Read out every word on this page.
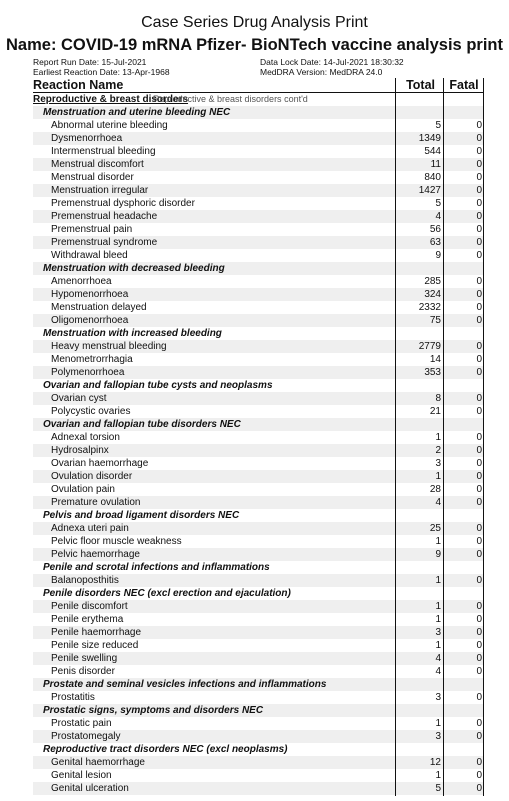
Case Series Drug Analysis Print
Name: COVID-19 mRNA Pfizer- BioNTech vaccine analysis print
Report Run Date: 15-Jul-2021
Earliest Reaction Date: 13-Apr-1968
Data Lock Date: 14-Jul-2021 18:30:32
MedDRA Version: MedDRA 24.0
Reaction Name	Total	Fatal
Reproductive & breast disorders
Reproductive & breast disorders cont'd
Menstruation and uterine bleeding NEC
Abnormal uterine bleeding	5	0
Dysmenorrhoea	1349	0
Intermenstrual bleeding	544	0
Menstrual discomfort	11	0
Menstrual disorder	840	0
Menstruation irregular	1427	0
Premenstrual dysphoric disorder	5	0
Premenstrual headache	4	0
Premenstrual pain	56	0
Premenstrual syndrome	63	0
Withdrawal bleed	9	0
Menstruation with decreased bleeding
Amenorrhoea	285	0
Hypomenorrhoea	324	0
Menstruation delayed	2332	0
Oligomenorrhoea	75	0
Menstruation with increased bleeding
Heavy menstrual bleeding	2779	0
Menometrorrhagia	14	0
Polymenorrhoea	353	0
Ovarian and fallopian tube cysts and neoplasms
Ovarian cyst	8	0
Polycystic ovaries	21	0
Ovarian and fallopian tube disorders NEC
Adnexal torsion	1	0
Hydrosalpinx	2	0
Ovarian haemorrhage	3	0
Ovulation disorder	1	0
Ovulation pain	28	0
Premature ovulation	4	0
Pelvis and broad ligament disorders NEC
Adnexa uteri pain	25	0
Pelvic floor muscle weakness	1	0
Pelvic haemorrhage	9	0
Penile and scrotal infections and inflammations
Balanoposthitis	1	0
Penile disorders NEC (excl erection and ejaculation)
Penile discomfort	1	0
Penile erythema	1	0
Penile haemorrhage	3	0
Penile size reduced	1	0
Penile swelling	4	0
Penis disorder	4	0
Prostate and seminal vesicles infections and inflammations
Prostatitis	3	0
Prostatic signs, symptoms and disorders NEC
Prostatic pain	1	0
Prostatomegaly	3	0
Reproductive tract disorders NEC (excl neoplasms)
Genital haemorrhage	12	0
Genital lesion	1	0
Genital ulceration	5	0
